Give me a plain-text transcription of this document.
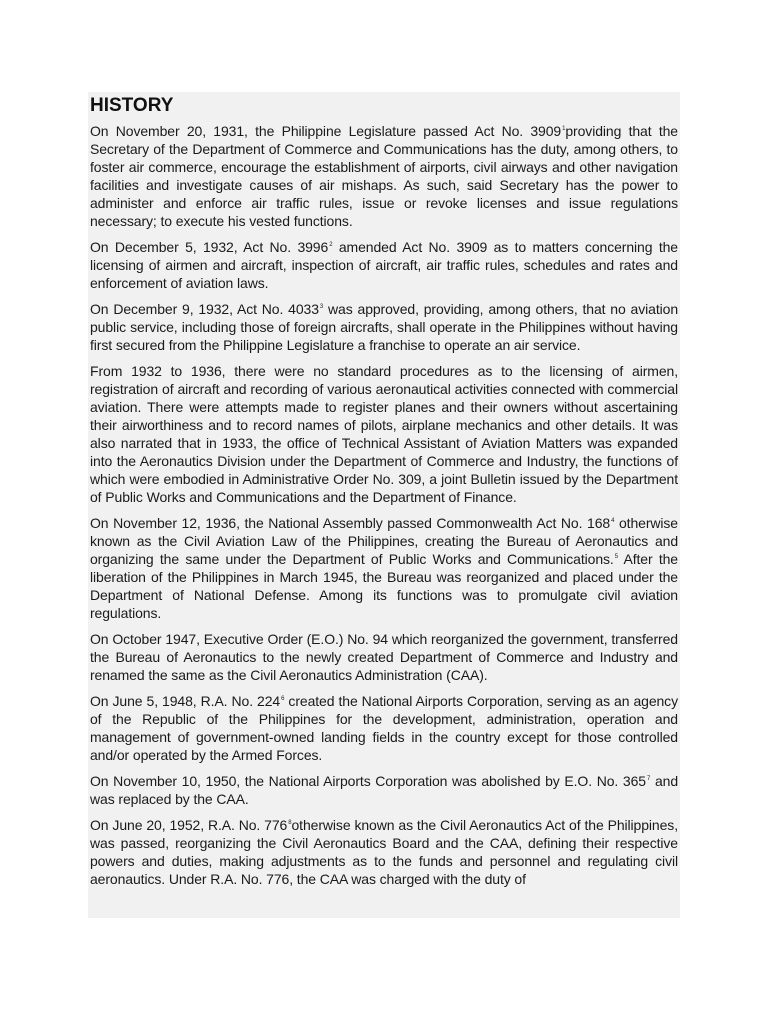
HISTORY

On November 20, 1931, the Philippine Legislature passed Act No. 3909$^1$providing that the Secretary of the Department of Commerce and Communications has the duty, among others, to foster air commerce, encourage the establishment of airports, civil airways and other navigation facilities and investigate causes of air mishaps. As such, said Secretary has the power to administer and enforce air traffic rules, issue or revoke licenses and issue regulations necessary; to execute his vested functions.

On December 5, 1932, Act No. 3996$^2$ amended Act No. 3909 as to matters concerning the licensing of airmen and aircraft, inspection of aircraft, air traffic rules, schedules and rates and enforcement of aviation laws.

On December 9, 1932, Act No. 4033$^3$ was approved, providing, among others, that no aviation public service, including those of foreign aircrafts, shall operate in the Philippines without having first secured from the Philippine Legislature a franchise to operate an air service.

From 1932 to 1936, there were no standard procedures as to the licensing of airmen, registration of aircraft and recording of various aeronautical activities connected with commercial aviation. There were attempts made to register planes and their owners without ascertaining their airworthiness and to record names of pilots, airplane mechanics and other details. It was also narrated that in 1933, the office of Technical Assistant of Aviation Matters was expanded into the Aeronautics Division under the Department of Commerce and Industry, the functions of which were embodied in Administrative Order No. 309, a joint Bulletin issued by the Department of Public Works and Communications and the Department of Finance.

On November 12, 1936, the National Assembly passed Commonwealth Act No. $168^4$ otherwise known as the Civil Aviation Law of the Philippines, creating the Bureau of Aeronautics and organizing the same under the Department of Public Works and Communications.$^5$ After the liberation of the Philippines in March 1945, the Bureau was reorganized and placed under the Department of National Defense. Among its functions was to promulgate civil aviation regulations.

On October 1947, Executive Order (E.O.) No. 94 which reorganized the government, transferred the Bureau of Aeronautics to the newly created Department of Commerce and Industry and renamed the same as the Civil Aeronautics Administration (CAA).

On June 5, 1948, R.A. No. $224^6$ created the National Airports Corporation, serving as an agency of the Republic of the Philippines for the development, administration, operation and management of government-owned landing fields in the country except for those controlled and/or operated by the Armed Forces.

On November 10, 1950, the National Airports Corporation was abolished by E.O. No. $365^7$ and was replaced by the CAA.

On June 20, 1952, R.A. No. $776^8otherwise$ known as the Civil Aeronautics Act of the Philippines, was passed, reorganizing the Civil Aeronautics Board and the CAA, defining their respective powers and duties, making adjustments as to the funds and personnel and regulating civil aeronautics. Under R.A. No. 776, the CAA was charged with the duty of
